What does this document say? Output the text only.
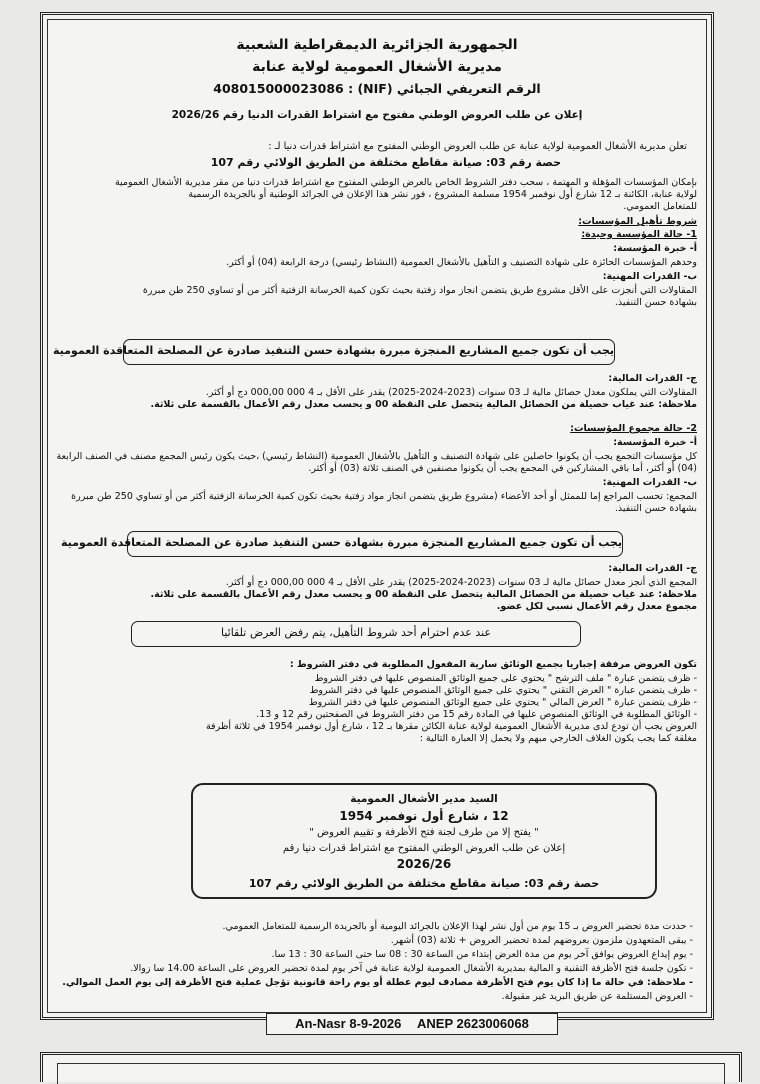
الجمهورية الجزائرية الديمقراطية الشعبية
مديرية الأشغال العمومية لولاية عنابة
الرقم التعريفي الجبائي (NIF) : 408015000023086
إعلان عن طلب العروض الوطني مفتوح مع اشتراط القدرات الدنيا رقم 2026/26
تعلن مديرية الأشغال العمومية لولاية عنابة عن طلب العروض الوطني المفتوح مع اشتراط قدرات دنيا لـ :
حصة رقم 03: صيانة مقاطع مختلفة من الطريق الولائي رقم 107
بإمكان المؤسسات المؤهلة و المهتمة ، سحب دفتر الشروط الخاص بالعرض الوطني المفتوح مع اشتراط قدرات دنيا من مقر مديرية الأشغال العمومية
لولاية عنابة، الكائنة بـ 12 شارع أول نوفمبر 1954 مسلمة المشروع ، فور نشر هذا الإعلان في الجرائد الوطنية أو بالجريدة الرسمية
للمتعامل العمومي.
شروط تأهيل المؤسسات:
1- حالة المؤسسة وحيدة:
أ- خبرة المؤسسة:
وحدهم المؤسسات الحائزة على شهادة التصنيف و التأهيل بالأشغال العمومية (النشاط رئيسي) درجة الرابعة (04) أو أكثر.
ب- القدرات المهنية:
المقاولات التي أنجزت على الأقل مشروع طريق يتضمن انجاز مواد زفتية بحيث تكون كمية الخرسانة الزفتية أكثر من أو تساوي 250 طن مبررة
بشهادة حسن التنفيذ.
يجب أن تكون جميع المشاريع المنجزة مبررة بشهادة حسن التنفيذ صادرة عن المصلحة المتعاقدة العمومية
ج- القدرات المالية:
المقاولات التي يملكون معدل حصائل مالية لـ 03 سنوات (2023-2024-2025) يقدر على الأقل بـ 4 000 000,00 دج أو أكثر.
ملاحظة: عند غياب حصيلة من الحصائل المالية يتحصل على النقطة 00 و يحسب معدل رقم الأعمال بالقسمة على ثلاثة.
2- حالة مجموع المؤسسات:
أ- خبرة المؤسسة:
كل مؤسسات التجمع يجب أن يكونوا حاصلين على شهادة التصنيف و التأهيل بالأشغال العمومية (النشاط رئيسي) ،حيث يكون رئيس المجمع مصنف في الصنف الرابعة
(04) أو أكثر، أما باقي المشاركين في المجمع يجب أن يكونوا مصنفين في الصنف ثلاثة (03) أو أكثر.
ب- القدرات المهنية:
المجمع: تحسب المراجع إما للممثل أو أحد الأعضاء (مشروع طريق يتضمن انجاز مواد زفتية بحيث تكون كمية الخرسانة الزفتية أكثر من أو تساوي 250 طن مبررة
بشهادة حسن التنفيذ.
يجب أن تكون جميع المشاريع المنجزة مبررة بشهادة حسن التنفيذ صادرة عن المصلحة المتعاقدة العمومية
ج- القدرات المالية:
المجمع الذي أنجز معدل حصائل مالية لـ 03 سنوات (2023-2024-2025) يقدر على الأقل بـ 4 000 000,00 دج أو أكثر.
ملاحظة: عند غياب حصيلة من الحصائل المالية يتحصل على النقطة 00 و يحسب معدل رقم الأعمال بالقسمة على ثلاثة.
مجموع معدل رقم الأعمال نسبي لكل عضو.
عند عدم احترام أحد شروط التأهيل، يتم رفض العرض تلقائيا
تكون العروض مرفقة إجباريا بجميع الوثائق سارية المفعول المطلوبة في دفتر الشروط :
- ظرف يتضمن عبارة " ملف الترشح " يحتوي على جميع الوثائق المنصوص عليها في دفتر الشروط
- ظرف يتضمن عبارة " العرض التقني " يحتوي على جميع الوثائق المنصوص عليها في دفتر الشروط
- ظرف يتضمن عبارة " العرض المالي " يحتوي على جميع الوثائق المنصوص عليها في دفتر الشروط
- الوثائق المطلوبة في الوثائق المنصوص عليها في المادة رقم 15 من دفتر الشروط في الصفحتين رقم 12 و 13.
العروض يجب أن تودع لدى مديرية الأشغال العمومية لولاية عنابة الكائن مقرها بـ 12 ، شارع أول نوفمبر 1954 في ثلاثة أظرفة
مغلقة كما يجب يكون الغلاف الخارجي مبهم ولا يحمل إلا العبارة التالية :
السيد مدير الأشغال العمومية
12 ، شارع أول نوفمبر 1954
" يفتح إلا من طرف لجنة فتح الأظرفة و تقييم العروض "
إعلان عن طلب العروض الوطني المفتوح مع اشتراط قدرات دنيا رقم
2026/26
حصة رقم 03: صيانة مقاطع مختلفة من الطريق الولائي رقم 107
- حددت مدة تحضير العروض بـ 15 يوم من أول نشر لهذا الإعلان بالجرائد اليومية أو بالجريدة الرسمية للمتعامل العمومي.
- يبقى المتعهدون ملزمون بعروضهم لمدة تحضير العروض + ثلاثة (03) أشهر.
- يوم إيداع العروض يوافق آخر يوم من مدة العرض إبتداء من الساعة 30 : 08 سا حتى الساعة 30 : 13 سا.
- تكون جلسة فتح الأظرفة التقنية و المالية بمديرية الأشغال العمومية لولاية عنابة في آخر يوم لمدة تحضير العروض على الساعة 14.00 سا زوالا.
- ملاحظة: في حالة ما إذا كان يوم فتح الأظرفة مصادف ليوم عطلة أو يوم راحة قانونية تؤجل عملية فتح الأظرفة إلى يوم العمل الموالي.
- العروض المستلمة عن طريق البريد غير مقبولة.
An-Nasr 8-9-2026 ANEP 2623006068
